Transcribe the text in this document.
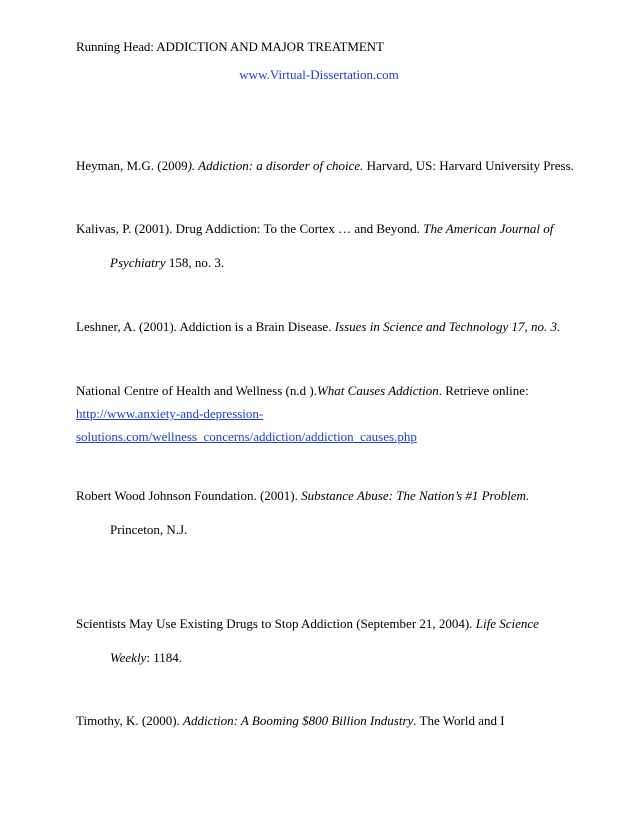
Running Head: ADDICTION AND MAJOR TREATMENT
www.Virtual-Dissertation.com
Heyman, M.G. (2009). Addiction: a disorder of choice. Harvard, US: Harvard University Press.
Kalivas, P. (2001). Drug Addiction: To the Cortex … and Beyond. The American Journal of
Psychiatry 158, no. 3.
Leshner, A. (2001). Addiction is a Brain Disease. Issues in Science and Technology 17, no. 3.
National Centre of Health and Wellness (n.d ).What Causes Addiction. Retrieve online:
http://www.anxiety-and-depression-
solutions.com/wellness_concerns/addiction/addiction_causes.php
Robert Wood Johnson Foundation. (2001). Substance Abuse: The Nation’s #1 Problem.
Princeton, N.J.
Scientists May Use Existing Drugs to Stop Addiction (September 21, 2004). Life Science
Weekly: 1184.
Timothy, K. (2000). Addiction: A Booming $800 Billion Industry. The World and I
